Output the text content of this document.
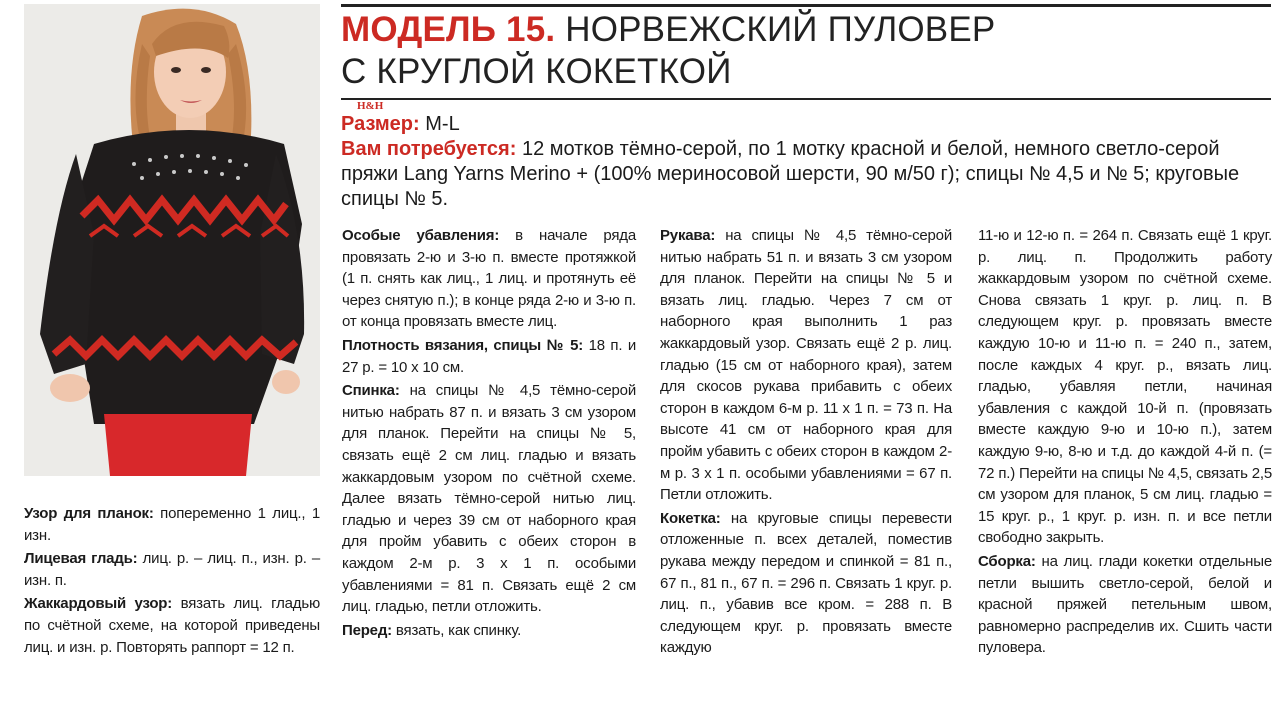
МОДЕЛЬ 15. НОРВЕЖСКИЙ ПУЛОВЕР
С КРУГЛОЙ КОКЕТКОЙ
H&H
Размер: M-L
Вам потребуется: 12 мотков тёмно-серой, по 1 мотку красной и белой, немного светло-серой пряжи Lang Yarns Merino + (100% мериносовой шерсти, 90 м/50 г); спицы № 4,5 и № 5; круговые спицы № 5.

Узор для планок: попеременно 1 лиц., 1 изн.

Лицевая гладь: лиц. р. – лиц. п., изн. р. – изн. п.

Жаккардовый узор: вязать лиц. гладью по счётной схеме, на которой приведены лиц. и изн. р. Повторять раппорт = 12 п.

Особые убавления: в начале ряда провязать 2-ю и 3-ю п. вместе протяжкой (1 п. снять как лиц., 1 лиц. и протянуть её через снятую п.); в конце ряда 2-ю и 3-ю п. от конца провязать вместе лиц.

Плотность вязания, спицы № 5: 18 п. и 27 р. = 10 х 10 см.

Спинка: на спицы № 4,5 тёмно-серой нитью набрать 87 п. и вязать 3 см узором для планок. Перейти на спицы № 5, связать ещё 2 см лиц. гладью и вязать жаккардовым узором по счётной схеме. Далее вязать тёмно-серой нитью лиц. гладью и через 39 см от наборного края для пройм убавить с обеих сторон в каждом 2-м р. 3 х 1 п. особыми убавлениями = 81 п. Связать ещё 2 см лиц. гладью, петли отложить.

Перед: вязать, как спинку.

Рукава: на спицы № 4,5 тёмно-серой нитью набрать 51 п. и вязать 3 см узором для планок. Перейти на спицы № 5 и вязать лиц. гладью. Через 7 см от наборного края выполнить 1 раз жаккардовый узор. Связать ещё 2 р. лиц. гладью (15 см от наборного края), затем для скосов рукава прибавить с обеих сторон в каждом 6-м р. 11 х 1 п. = 73 п. На высоте 41 см от наборного края для пройм убавить с обеих сторон в каждом 2-м р. 3 х 1 п. особыми убавлениями = 67 п. Петли отложить.

Кокетка: на круговые спицы перевести отложенные п. всех деталей, поместив рукава между передом и спинкой = 81 п., 67 п., 81 п., 67 п. = 296 п. Связать 1 круг. р. лиц. п., убавив все кром. = 288 п. В следующем круг. р. провязать вместе каждую

11-ю и 12-ю п. = 264 п. Связать ещё 1 круг. р. лиц. п. Продолжить работу жаккардовым узором по счётной схеме. Снова связать 1 круг. р. лиц. п. В следующем круг. р. провязать вместе каждую 10-ю и 11-ю п. = 240 п., затем, после каждых 4 круг. р., вязать лиц. гладью, убавляя петли, начиная убавления с каждой 10-й п. (провязать вместе каждую 9-ю и 10-ю п.), затем каждую 9-ю, 8-ю и т.д. до каждой 4-й п. (= 72 п.) Перейти на спицы № 4,5, связать 2,5 см узором для планок, 5 см лиц. гладью = 15 круг. р., 1 круг. р. изн. п. и все петли свободно закрыть.

Сборка: на лиц. глади кокетки отдельные петли вышить светло-серой, белой и красной пряжей петельным швом, равномерно распределив их. Сшить части пуловера.
